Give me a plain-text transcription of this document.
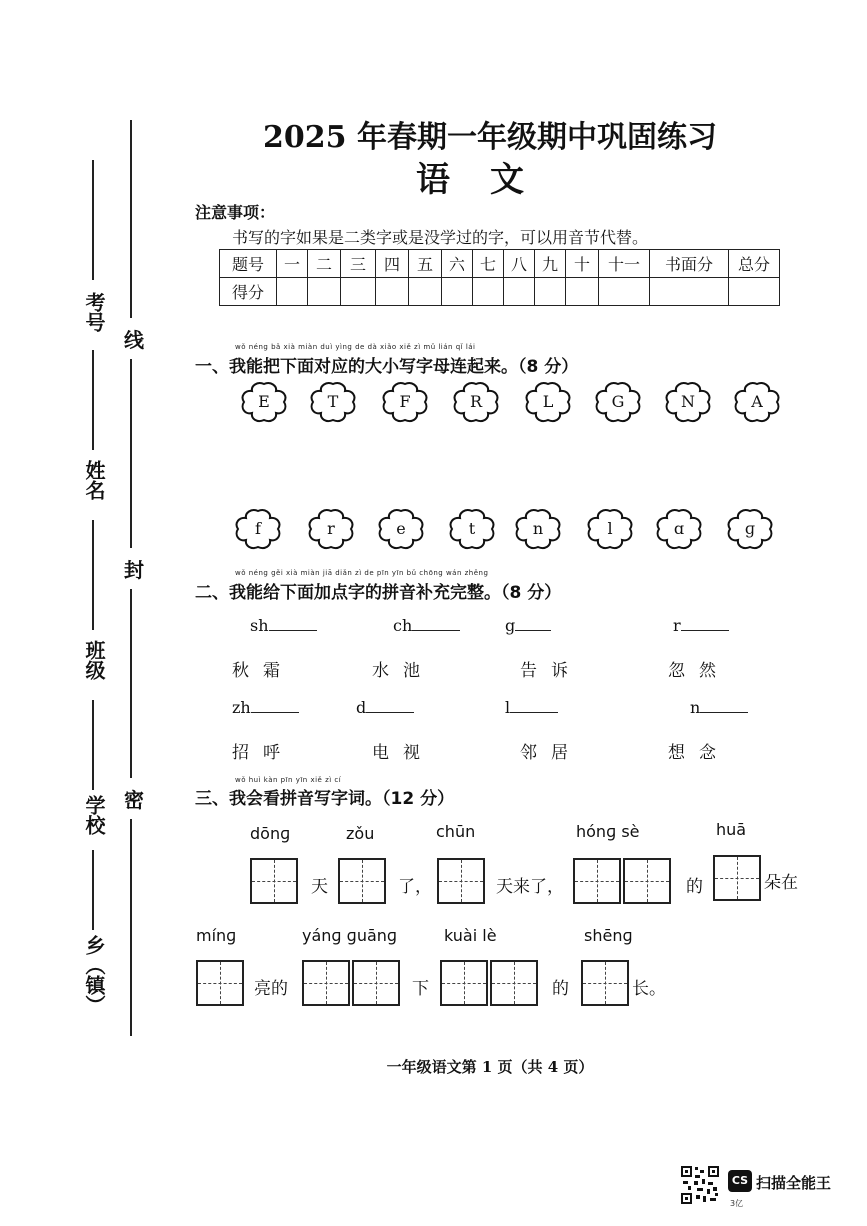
考号
姓名
班级
学校
乡（镇）
线
封
密
2025 年春期一年级期中巩固练习
语文
注意事项：
书写的字如果是二类字或是没学过的字，可以用音节代替。
题号	一	二	三	四	五	六	七	八	九	十	十一	书面分	总分
得分													
wǒ néng bǎ xià miàn duì yìng de dà xiǎo xiě zì mǔ lián qǐ lái
一、我能把下面对应的大小写字母连起来。（8 分）
E	T	F	R	L	G	N	A
f	r	e	t	n	l	ɑ	ɡ
wǒ néng gěi xià miàn jiā diǎn zì de pīn yīn bǔ chōng wán zhěng
二、我能给下面加点字的拼音补充完整。（8 分）
sh	ch	g	r
秋霜	水池	告诉	忽然
zh	d	l	n
招呼	电视	邻居	想念
wǒ huì kàn pīn yīn xiě zì cí
三、我会看拼音写字词。（12 分）
dōnɡ	zǒu	chūn	hónɡ sè	huā
天	了，	天来了，	的	朵在
mínɡ	yánɡ ɡuānɡ	kuài lè	shēnɡ
亮的	下	的	长。
一年级语文第 1 页（共 4 页）
CS 扫描全能王
3亿
